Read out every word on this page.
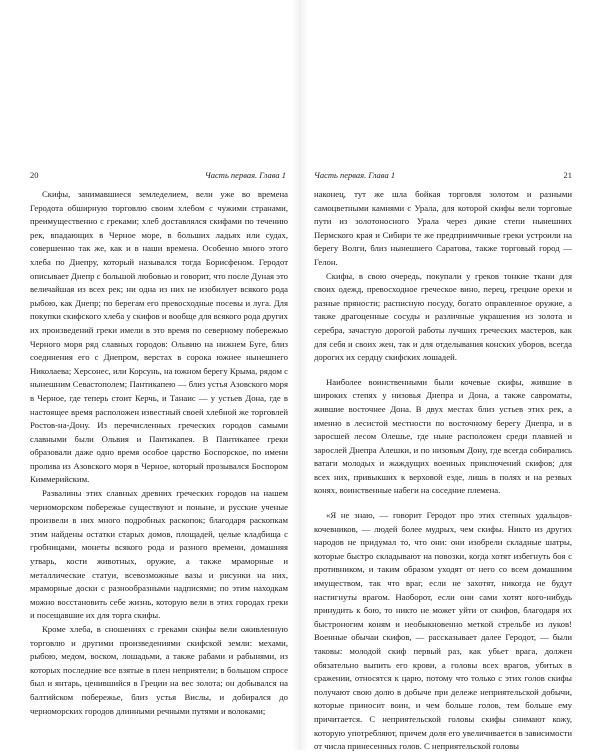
20	Часть первая. Глава 1

Скифы, занимавшиеся земледелием, вели уже во времена Геродота обширную торговлю своим хлебом с чужими странами, преимущественно с греками; хлеб доставлялся скифами по течению рек, впадающих в Черное море, в больших ладьях или судах, совершенно так же, как и в наши времена. Особенно много этого хлеба по Днепру, который назывался тогда Борисфеном. Геродот описывает Днепр с большой любовью и говорит, что после Дуная это величайшая из всех рек; ни одна из них не изобилует всякого рода рыбою, как Днепр; по берегам его превосходные посевы и луга. Для покупки скифского хлеба у скифов и вообще для всякого рода других их произведений греки имели в это время по северному побережью Черного моря ряд славных городов: Ольвию на нижнем Буге, близ соединения его с Днепром, верстах в сорока южнее нынешнего Николаева; Херсонес, или Корсунь, на южном берегу Крыма, рядом с нынешним Севастополем; Пантикапею — близ устья Азовского моря в Черное, где теперь стоит Керчь, и Танаис — у устьев Дона, где в настоящее время расположен известный своей хлебной же торговлей Ростов-на-Дону. Из перечисленных греческих городов самыми славными были Ольвия и Пантикапея. В Пантикапее греки образовали даже одно время особое царство Боспорское, по имени пролива из Азовского моря в Черное, который прозывался Боспором Киммерийским.

Развалины этих славных древних греческих городов на нашем черноморском побережье существуют и поныне, и русские ученые произвели в них много подробных раскопок; благодаря раскопкам этим найдены остатки старых домов, площадей, целые кладбища с гробницами, монеты всякого рода и разного времени, домашняя утварь, кости животных, оружие, а также мраморные и металлические статуи, всевозможные вазы и рисунки на них, мраморные доски с разнообразными надписями; по этим находкам можно восстановить себе жизнь, которую вели в этих городах греки и посещавшие их для торга скифы.

Кроме хлеба, в сношениях с греками скифы вели оживленную торговлю и другими произведениями скифской земли: мехами, рыбою, медом, воском, лошадьми, а также рабами и рабынями, из которых последние все взятые в плен неприятели; в большом спросе был и янтарь, ценившийся в Греции на вес золота; он добывался на балтийском побережье, близ устья Вислы, и добирался до черноморских городов длинными речными путями и волоками;

Часть первая. Глава 1	21

наконец, тут же шла бойкая торговля золотом и разными самоцветными камнями с Урала, для которой скифы вели торговые пути из золотоносного Урала через дикие степи нынешних Пермского края и Сибири те же предприимчивые греки устроили на берегу Волги, близ нынешнего Саратова, также торговый город — Гелон.

Скифы, в свою очередь, покупали у греков тонкие ткани для своих одежд, превосходное греческое вино, перец, грецкие орехи и разные пряности; расписную посуду, богато оправленное оружие, а также драгоценные сосуды и различные украшения из золота и серебра, зачастую дорогой работы лучших греческих мастеров, как для себя и своих жен, так и для отделывания конских уборов, всегда дорогих их сердцу скифских лошадей.

Наиболее воинственными были кочевые скифы, жившие в широких степях у низовья Днепра и Дона, а также савроматы, жившие восточнее Дона. В двух местах близ устьев этих рек, а именно в лесистой местности по восточному берегу Днепра, и в заросшей лесом Олешье, где ныне расположен среди плавней и зарослей Днепра Алешки, и по низовым Дону, где всегда собирались ватаги молодых и жаждущих военных приключений скифов; для всех них, привыкших к верховой езде, лишь в полях и на резвых конях, воинственные набеги на соседние племена.

«Я не знаю, — говорит Геродот про этих степных удальцов-кочевников, — людей более мудрых, чем скифы. Никто из других народов не придумал то, что они: они изобрели складные шатры, которые быстро складывают на повозки, когда хотят избегнуть боя с противником, и таким образом уходят от него со всем домашним имуществом, так что враг, если не захотят, никогда не будут настигнуты врагом. Наоборот, если они сами хотят кого-нибудь принудить к бою, то никто не может уйти от скифов, благодаря их быстроногим коням и необыкновенно меткой стрельбе из луков! Военные обычаи скифов, — рассказывает далее Геродот, — были таковы: молодой скиф первый раз, как убьет врага, должен обязательно выпить его крови, а головы всех врагов, убитых в сражении, относятся к царю, потому что только с этих голов скифы получают свою долю в добыче при дележе неприятельской добычи, которые приносит воин, и чем больше голов, тем больше ему причитается. С неприятельской головы скифы снимают кожу, которую употребляют, причем доля его увеличивается в зависимости от числа принесенных голов. С неприятельской головы
